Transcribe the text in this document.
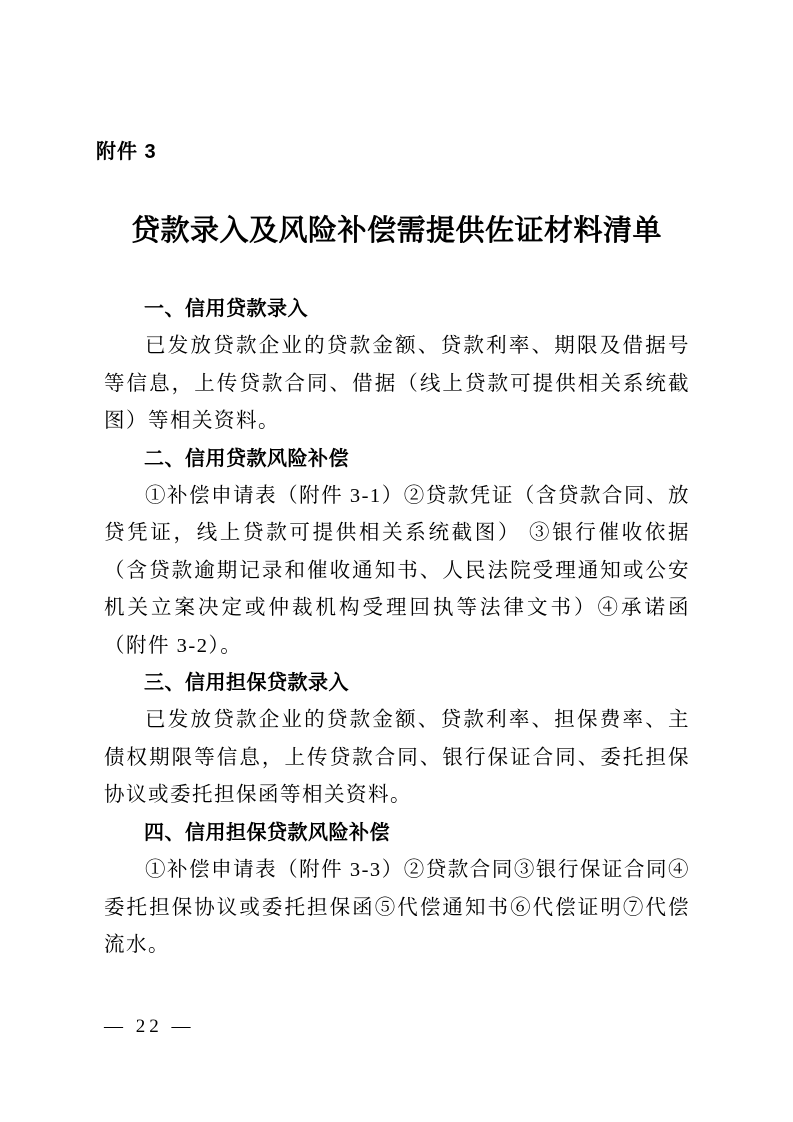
附件 3
贷款录入及风险补偿需提供佐证材料清单
一、信用贷款录入

已发放贷款企业的贷款金额、贷款利率、期限及借据号等信息，上传贷款合同、借据（线上贷款可提供相关系统截图）等相关资料。

二、信用贷款风险补偿

①补偿申请表（附件 3-1）②贷款凭证（含贷款合同、放贷凭证，线上贷款可提供相关系统截图） ③银行催收依据（含贷款逾期记录和催收通知书、人民法院受理通知或公安机关立案决定或仲裁机构受理回执等法律文书）④承诺函（附件 3-2）。

三、信用担保贷款录入

已发放贷款企业的贷款金额、贷款利率、担保费率、主债权期限等信息，上传贷款合同、银行保证合同、委托担保协议或委托担保函等相关资料。

四、信用担保贷款风险补偿

①补偿申请表（附件 3-3）②贷款合同③银行保证合同④委托担保协议或委托担保函⑤代偿通知书⑥代偿证明⑦代偿流水。

— 22 —
